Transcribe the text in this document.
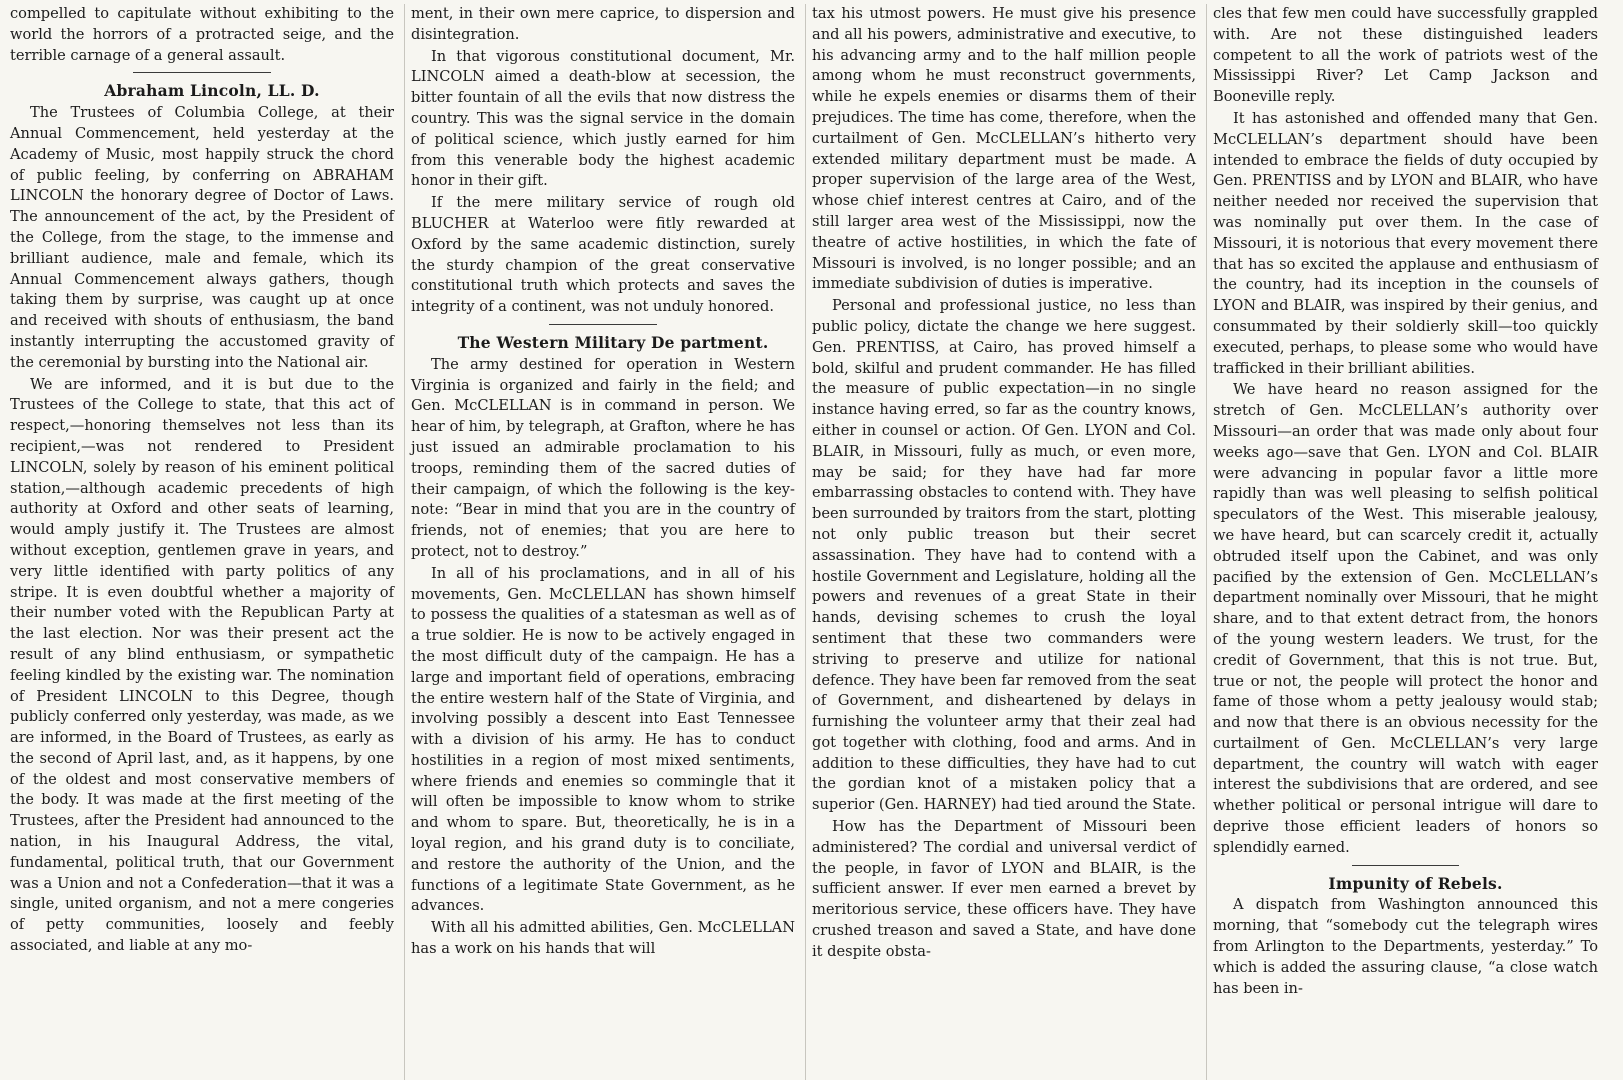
compelled to capitulate without exhibiting to the world the horrors of a protracted seige, and the terrible carnage of a general assault.

Abraham Lincoln, LL. D.

The Trustees of Columbia College, at their Annual Commencement, held yesterday at the Academy of Music, most happily struck the chord of public feeling, by conferring on ABRAHAM LINCOLN the honorary degree of Doctor of Laws. The announcement of the act, by the President of the College, from the stage, to the immense and brilliant audience, male and female, which its Annual Commencement always gathers, though taking them by surprise, was caught up at once and received with shouts of enthusiasm, the band instantly interrupting the accustomed gravity of the ceremonial by bursting into the National air.

We are informed, and it is but due to the Trustees of the College to state, that this act of respect,—honoring themselves not less than its recipient,—was not rendered to President LINCOLN, solely by reason of his eminent political station,—although academic precedents of high authority at Oxford and other seats of learning, would amply justify it. The Trustees are almost without exception, gentlemen grave in years, and very little identified with party politics of any stripe. It is even doubtful whether a majority of their number voted with the Republican Party at the last election. Nor was their present act the result of any blind enthusiasm, or sympathetic feeling kindled by the existing war. The nomination of President LINCOLN to this Degree, though publicly conferred only yesterday, was made, as we are informed, in the Board of Trustees, as early as the second of April last, and, as it happens, by one of the oldest and most conservative members of the body. It was made at the first meeting of the Trustees, after the President had announced to the nation, in his Inaugural Address, the vital, fundamental, political truth, that our Government was a Union and not a Confederation—that it was a single, united organism, and not a mere congeries of petty communities, loosely and feebly associated, and liable at any mo-

ment, in their own mere caprice, to dispersion and disintegration.

In that vigorous constitutional document, Mr. LINCOLN aimed a death-blow at secession, the bitter fountain of all the evils that now distress the country. This was the signal service in the domain of political science, which justly earned for him from this venerable body the highest academic honor in their gift.

If the mere military service of rough old BLUCHER at Waterloo were fitly rewarded at Oxford by the same academic distinction, surely the sturdy champion of the great conservative constitutional truth which protects and saves the integrity of a continent, was not unduly honored.

The Western Military De partment.

The army destined for operation in Western Virginia is organized and fairly in the field; and Gen. McCLELLAN is in command in person. We hear of him, by telegraph, at Grafton, where he has just issued an admirable proclamation to his troops, reminding them of the sacred duties of their campaign, of which the following is the key-note: “Bear in mind that you are in the country of friends, not of enemies; that you are here to protect, not to destroy.”

In all of his proclamations, and in all of his movements, Gen. McCLELLAN has shown himself to possess the qualities of a statesman as well as of a true soldier. He is now to be actively engaged in the most difficult duty of the campaign. He has a large and important field of operations, embracing the entire western half of the State of Virginia, and involving possibly a descent into East Tennessee with a division of his army. He has to conduct hostilities in a region of most mixed sentiments, where friends and enemies so commingle that it will often be impossible to know whom to strike and whom to spare. But, theoretically, he is in a loyal region, and his grand duty is to conciliate, and restore the authority of the Union, and the functions of a legitimate State Government, as he advances.

With all his admitted abilities, Gen. McCLELLAN has a work on his hands that will

tax his utmost powers. He must give his presence and all his powers, administrative and executive, to his advancing army and to the half million people among whom he must reconstruct governments, while he expels enemies or disarms them of their prejudices. The time has come, therefore, when the curtailment of Gen. McCLELLAN’s hitherto very extended military department must be made. A proper supervision of the large area of the West, whose chief interest centres at Cairo, and of the still larger area west of the Mississippi, now the theatre of active hostilities, in which the fate of Missouri is involved, is no longer possible; and an immediate subdivision of duties is imperative.

Personal and professional justice, no less than public policy, dictate the change we here suggest. Gen. PRENTISS, at Cairo, has proved himself a bold, skilful and prudent commander. He has filled the measure of public expectation—in no single instance having erred, so far as the country knows, either in counsel or action. Of Gen. LYON and Col. BLAIR, in Missouri, fully as much, or even more, may be said; for they have had far more embarrassing obstacles to contend with. They have been surrounded by traitors from the start, plotting not only public treason but their secret assassination. They have had to contend with a hostile Government and Legislature, holding all the powers and revenues of a great State in their hands, devising schemes to crush the loyal sentiment that these two commanders were striving to preserve and utilize for national defence. They have been far removed from the seat of Government, and disheartened by delays in furnishing the volunteer army that their zeal had got together with clothing, food and arms. And in addition to these difficulties, they have had to cut the gordian knot of a mistaken policy that a superior (Gen. HARNEY) had tied around the State.

How has the Department of Missouri been administered? The cordial and universal verdict of the people, in favor of LYON and BLAIR, is the sufficient answer. If ever men earned a brevet by meritorious service, these officers have. They have crushed treason and saved a State, and have done it despite obsta-

cles that few men could have successfully grappled with. Are not these distinguished leaders competent to all the work of patriots west of the Mississippi River? Let Camp Jackson and Booneville reply.

It has astonished and offended many that Gen. McCLELLAN’s department should have been intended to embrace the fields of duty occupied by Gen. PRENTISS and by LYON and BLAIR, who have neither needed nor received the supervision that was nominally put over them. In the case of Missouri, it is notorious that every movement there that has so excited the applause and enthusiasm of the country, had its inception in the counsels of LYON and BLAIR, was inspired by their genius, and consummated by their soldierly skill—too quickly executed, perhaps, to please some who would have trafficked in their brilliant abilities.

We have heard no reason assigned for the stretch of Gen. McCLELLAN’s authority over Missouri—an order that was made only about four weeks ago—save that Gen. LYON and Col. BLAIR were advancing in popular favor a little more rapidly than was well pleasing to selfish political speculators of the West. This miserable jealousy, we have heard, but can scarcely credit it, actually obtruded itself upon the Cabinet, and was only pacified by the extension of Gen. McCLELLAN’s department nominally over Missouri, that he might share, and to that extent detract from, the honors of the young western leaders. We trust, for the credit of Government, that this is not true. But, true or not, the people will protect the honor and fame of those whom a petty jealousy would stab; and now that there is an obvious necessity for the curtailment of Gen. McCLELLAN’s very large department, the country will watch with eager interest the subdivisions that are ordered, and see whether political or personal intrigue will dare to deprive those efficient leaders of honors so splendidly earned.

Impunity of Rebels.

A dispatch from Washington announced this morning, that “somebody cut the telegraph wires from Arlington to the Departments, yesterday.” To which is added the assuring clause, “a close watch has been in-
